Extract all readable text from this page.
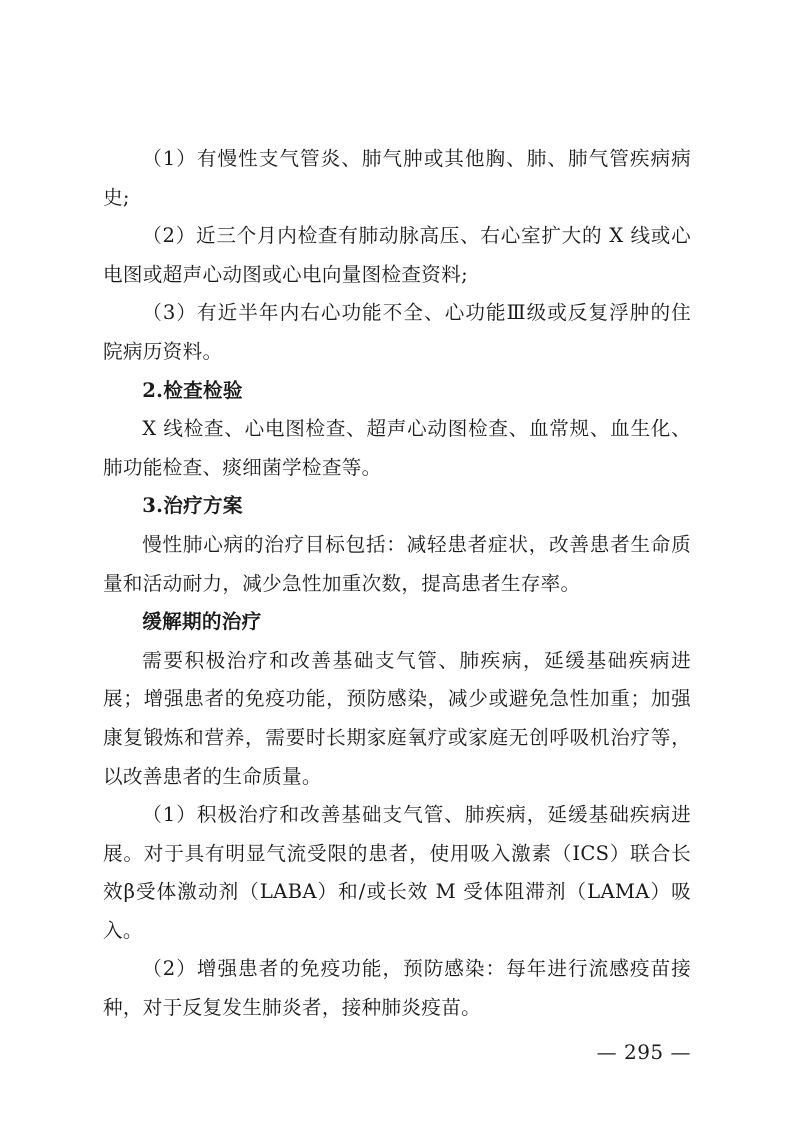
（1）有慢性支气管炎、肺气肿或其他胸、肺、肺气管疾病病史;

（2）近三个月内检查有肺动脉高压、右心室扩大的 X 线或心电图或超声心动图或心电向量图检查资料;

（3）有近半年内右心功能不全、心功能Ⅲ级或反复浮肿的住院病历资料。

2.检查检验

X 线检查、心电图检查、超声心动图检查、血常规、血生化、肺功能检查、痰细菌学检查等。

3.治疗方案

慢性肺心病的治疗目标包括：减轻患者症状，改善患者生命质量和活动耐力，减少急性加重次数，提高患者生存率。

缓解期的治疗

需要积极治疗和改善基础支气管、肺疾病，延缓基础疾病进展；增强患者的免疫功能，预防感染，减少或避免急性加重；加强康复锻炼和营养，需要时长期家庭氧疗或家庭无创呼吸机治疗等，以改善患者的生命质量。

（1）积极治疗和改善基础支气管、肺疾病，延缓基础疾病进展。对于具有明显气流受限的患者，使用吸入激素（ICS）联合长效β受体激动剂（LABA）和/或长效 M 受体阻滞剂（LAMA）吸入。

（2）增强患者的免疫功能，预防感染：每年进行流感疫苗接种，对于反复发生肺炎者，接种肺炎疫苗。

— 295 —
